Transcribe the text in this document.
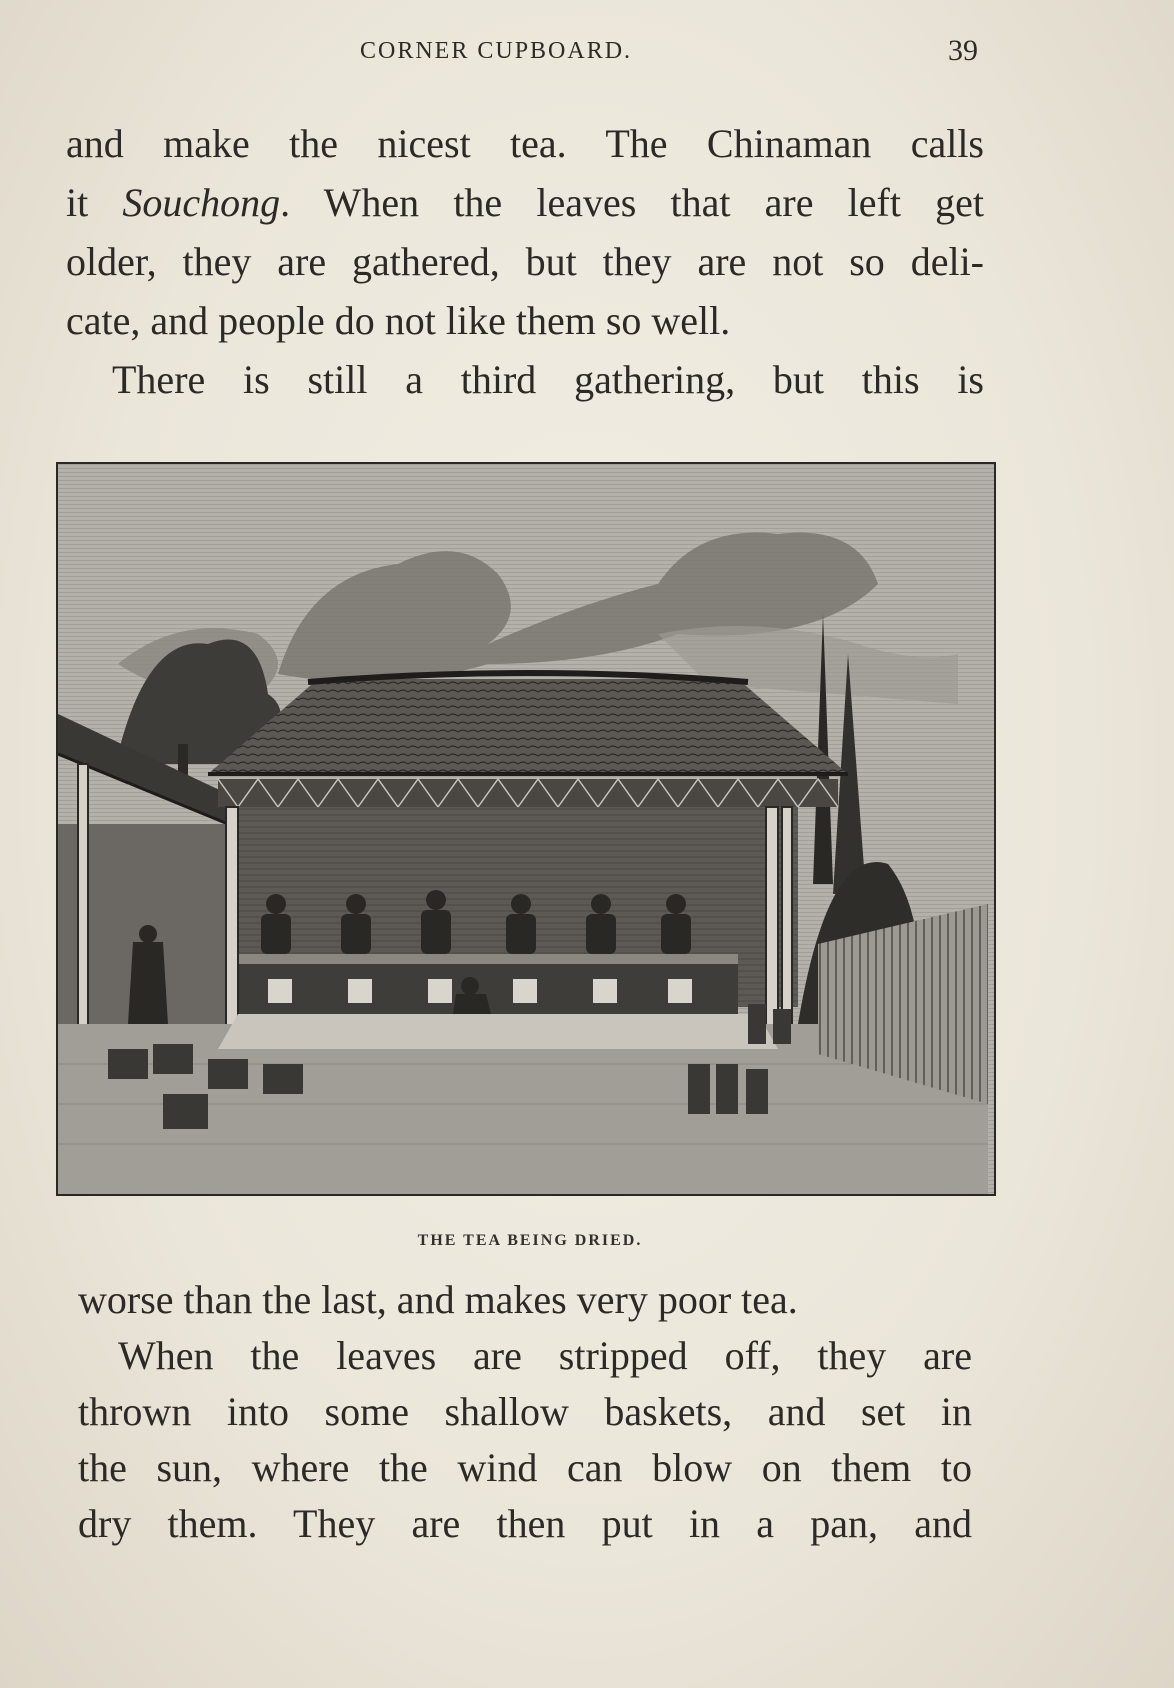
CORNER CUPBOARD.	39
and make the nicest tea. The Chinaman calls
it Souchong. When the leaves that are left get
older, they are gathered, but they are not so deli-
cate, and people do not like them so well.
There is still a third gathering, but this is
THE TEA BEING DRIED.
worse than the last, and makes very poor tea.
When the leaves are stripped off, they are
thrown into some shallow baskets, and set in
the sun, where the wind can blow on them to
dry them. They are then put in a pan, and
